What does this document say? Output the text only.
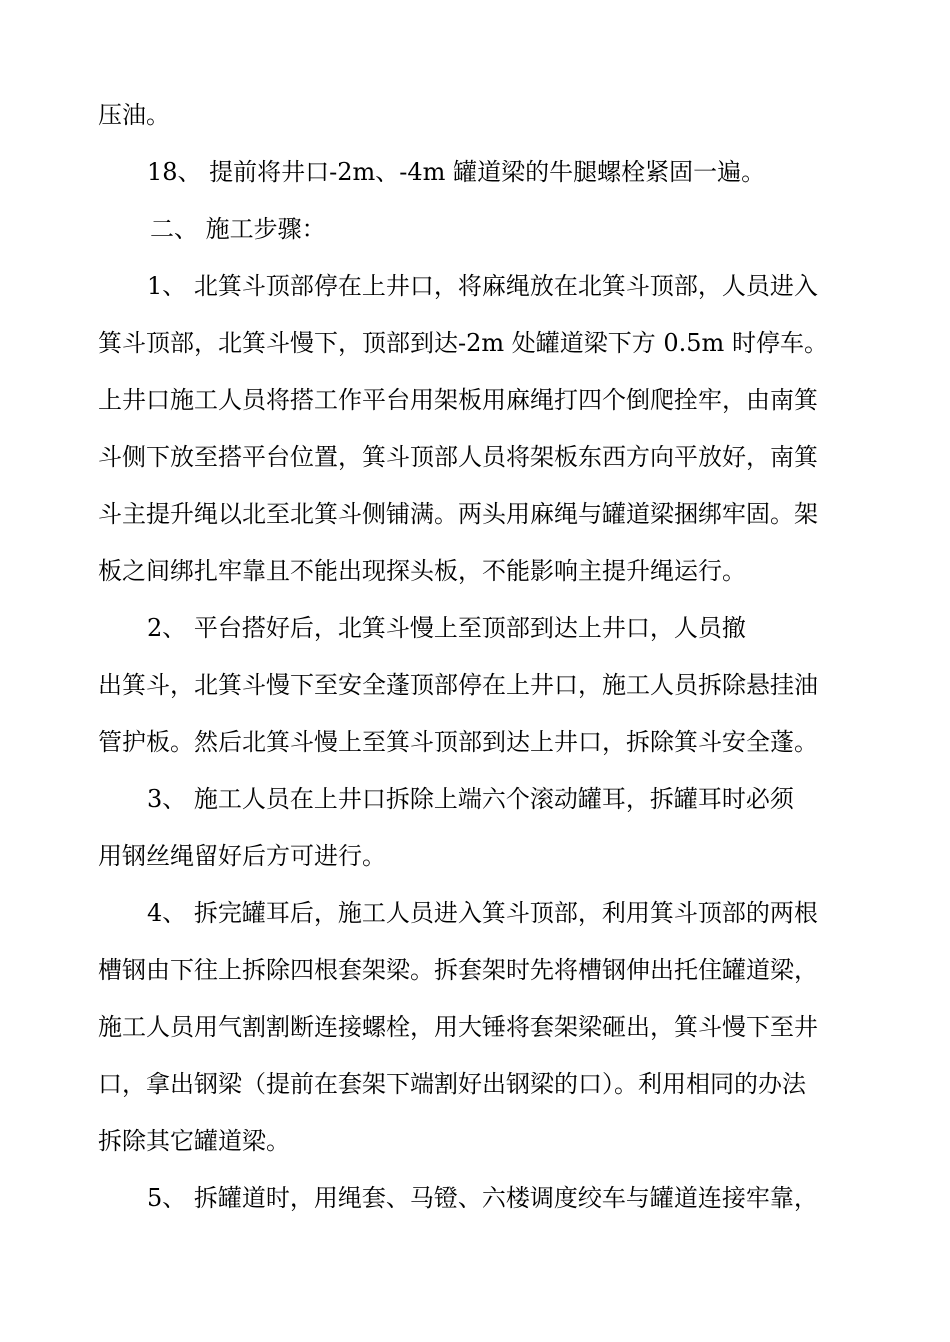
压油。
18、 提前将井口-2m、-4m 罐道梁的牛腿螺栓紧固一遍。
二、 施工步骤：
1、 北箕斗顶部停在上井口，将麻绳放在北箕斗顶部，人员进入
箕斗顶部，北箕斗慢下，顶部到达-2m 处罐道梁下方 0.5m 时停车。
上井口施工人员将搭工作平台用架板用麻绳打四个倒爬拴牢，由南箕
斗侧下放至搭平台位置，箕斗顶部人员将架板东西方向平放好，南箕
斗主提升绳以北至北箕斗侧铺满。两头用麻绳与罐道梁捆绑牢固。架
板之间绑扎牢靠且不能出现探头板，不能影响主提升绳运行。
2、 平台搭好后，北箕斗慢上至顶部到达上井口，人员撤
出箕斗，北箕斗慢下至安全蓬顶部停在上井口，施工人员拆除悬挂油
管护板。然后北箕斗慢上至箕斗顶部到达上井口，拆除箕斗安全蓬。
3、 施工人员在上井口拆除上端六个滚动罐耳，拆罐耳时必须
用钢丝绳留好后方可进行。
4、 拆完罐耳后，施工人员进入箕斗顶部，利用箕斗顶部的两根
槽钢由下往上拆除四根套架梁。拆套架时先将槽钢伸出托住罐道梁，
施工人员用气割割断连接螺栓，用大锤将套架梁砸出，箕斗慢下至井
口，拿出钢梁（提前在套架下端割好出钢梁的口）。利用相同的办法
拆除其它罐道梁。
5、 拆罐道时，用绳套、马镫、六楼调度绞车与罐道连接牢靠，
